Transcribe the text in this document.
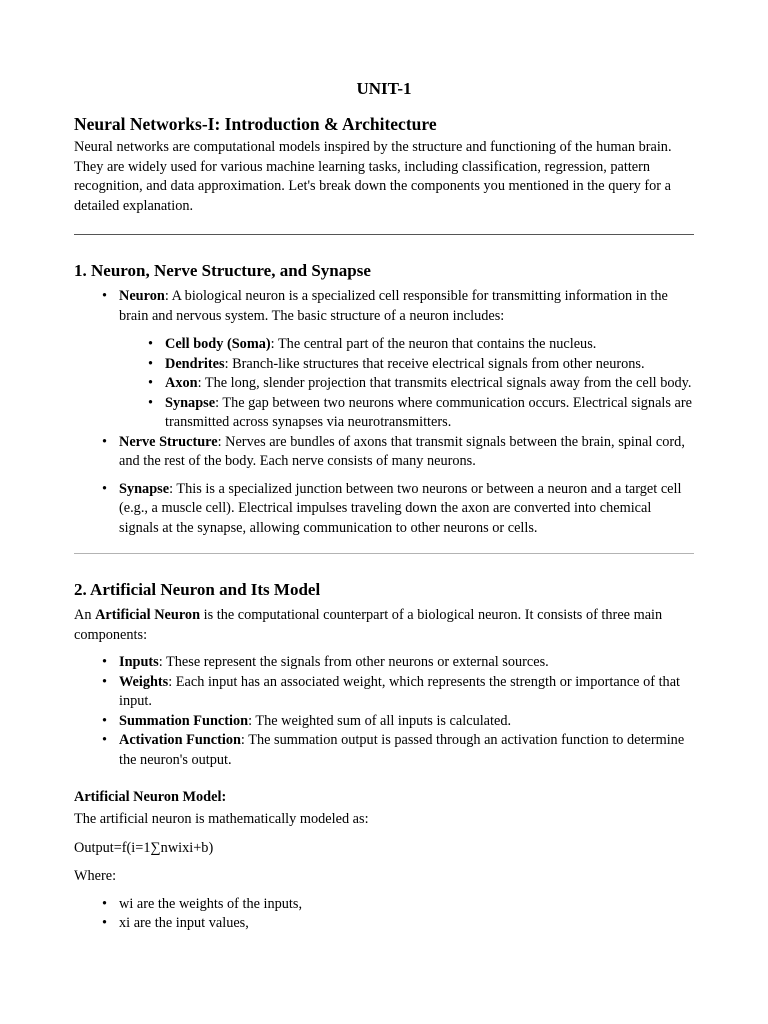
UNIT-1
Neural Networks-I: Introduction & Architecture

Neural networks are computational models inspired by the structure and functioning of the human brain. They are widely used for various machine learning tasks, including classification, regression, pattern recognition, and data approximation. Let's break down the components you mentioned in the query for a detailed explanation.

1. Neuron, Nerve Structure, and Synapse
• Neuron: A biological neuron is a specialized cell responsible for transmitting information in the brain and nervous system. The basic structure of a neuron includes:
• Cell body (Soma): The central part of the neuron that contains the nucleus.
• Dendrites: Branch-like structures that receive electrical signals from other neurons.
• Axon: The long, slender projection that transmits electrical signals away from the cell body.
• Synapse: The gap between two neurons where communication occurs. Electrical signals are transmitted across synapses via neurotransmitters.
• Nerve Structure: Nerves are bundles of axons that transmit signals between the brain, spinal cord, and the rest of the body. Each nerve consists of many neurons.
• Synapse: This is a specialized junction between two neurons or between a neuron and a target cell (e.g., a muscle cell). Electrical impulses traveling down the axon are converted into chemical signals at the synapse, allowing communication to other neurons or cells.
2. Artificial Neuron and Its Model

An Artificial Neuron is the computational counterpart of a biological neuron. It consists of three main components:

• Inputs: These represent the signals from other neurons or external sources.
• Weights: Each input has an associated weight, which represents the strength or importance of that input.
• Summation Function: The weighted sum of all inputs is calculated.
• Activation Function: The summation output is passed through an activation function to determine the neuron's output.
Artificial Neuron Model:

The artificial neuron is mathematically modeled as:

Output=f(i=1∑nwixi+b)

Where:

• wi are the weights of the inputs,
• xi are the input values,
